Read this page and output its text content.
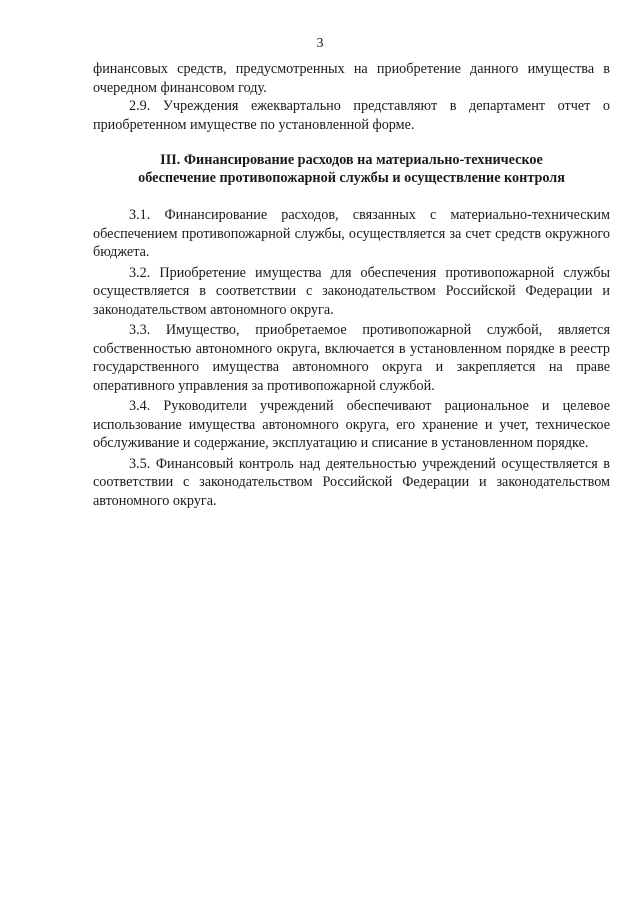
3

финансовых средств, предусмотренных на приобретение данного имущества в очередном финансовом году.

2.9. Учреждения ежеквартально представляют в департамент отчет о приобретенном имуществе по установленной форме.

III. Финансирование расходов на материально-техническое
обеспечение противопожарной службы и осуществление контроля

3.1. Финансирование расходов, связанных с материально-техническим обеспечением противопожарной службы, осуществляется за счет средств окружного бюджета.

3.2. Приобретение имущества для обеспечения противопожарной службы осуществляется в соответствии с законодательством Российской Федерации и законодательством автономного округа.

3.3. Имущество, приобретаемое противопожарной службой, является собственностью автономного округа, включается в установленном порядке в реестр государственного имущества автономного округа и закрепляется на праве оперативного управления за противопожарной службой.

3.4. Руководители учреждений обеспечивают рациональное и целевое использование имущества автономного округа, его хранение и учет, техническое обслуживание и содержание, эксплуатацию и списание в установленном порядке.

3.5. Финансовый контроль над деятельностью учреждений осуществляется в соответствии с законодательством Российской Федерации и законодательством автономного округа.
